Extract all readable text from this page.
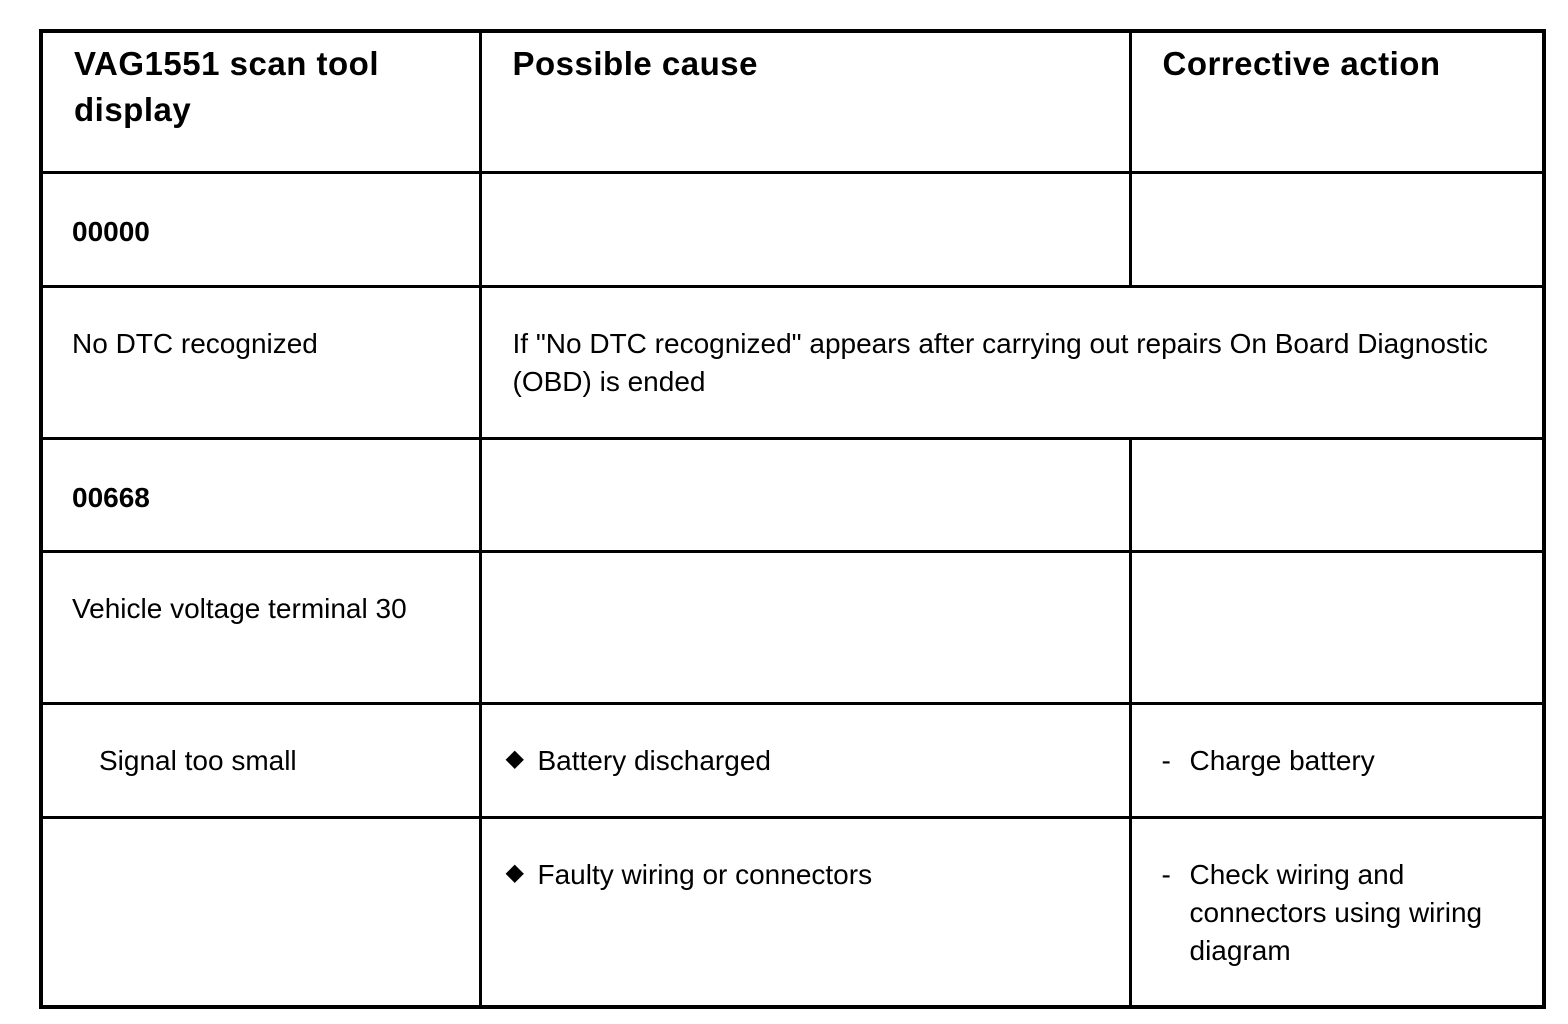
VAG1551 scan tool display	Possible cause	Corrective action

00000		

No DTC recognized	If "No DTC recognized" appears after carrying out repairs On Board Diagnostic (OBD) is ended	

00668		

Vehicle voltage terminal 30		

Signal too small	◆ Battery discharged	- Charge battery

	◆ Faulty wiring or connectors	- Check wiring and connectors using wiring diagram
